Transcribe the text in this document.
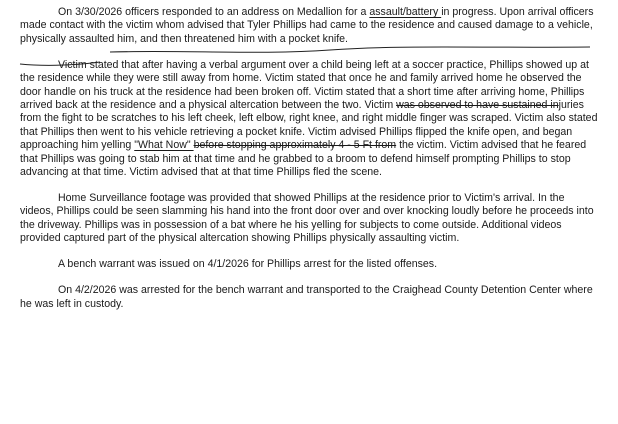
On 3/30/2026 officers responded to an address on Medallion for a assault/battery in progress. Upon arrival officers made contact with the victim whom advised that Tyler Phillips had came to the residence and caused damage to a vehicle, physically assaulted him, and then threatened him with a pocket knife.

Victim stated that after having a verbal argument over a child being left at a soccer practice, Phillips showed up at the residence while they were still away from home. Victim stated that once he and family arrived home he observed the door handle on his truck at the residence had been broken off. Victim stated that a short time after arriving home, Phillips arrived back at the residence and a physical altercation between the two. Victim was observed to have sustained injuries from the fight to be scratches to his left cheek, left elbow, right knee, and right middle finger was scraped. Victim also stated that Phillips then went to his vehicle retrieving a pocket knife. Victim advised Phillips flipped the knife open, and began approaching him yelling "What Now" before stopping approximately 4 - 5 Ft from the victim. Victim advised that he feared that Phillips was going to stab him at that time and he grabbed to a broom to defend himself prompting Phillips to stop advancing at that time. Victim advised that at that time Phillips fled the scene.

Home Surveillance footage was provided that showed Phillips at the residence prior to Victim's arrival. In the videos, Phillips could be seen slamming his hand into the front door over and over knocking loudly before he proceeds into the driveway. Phillips was in possession of a bat where he his yelling for subjects to come outside. Additional videos provided captured part of the physical altercation showing Phillips physically assaulting victim.

A bench warrant was issued on 4/1/2026 for Phillips arrest for the listed offenses.

On 4/2/2026 was arrested for the bench warrant and transported to the Craighead County Detention Center where he was left in custody.
